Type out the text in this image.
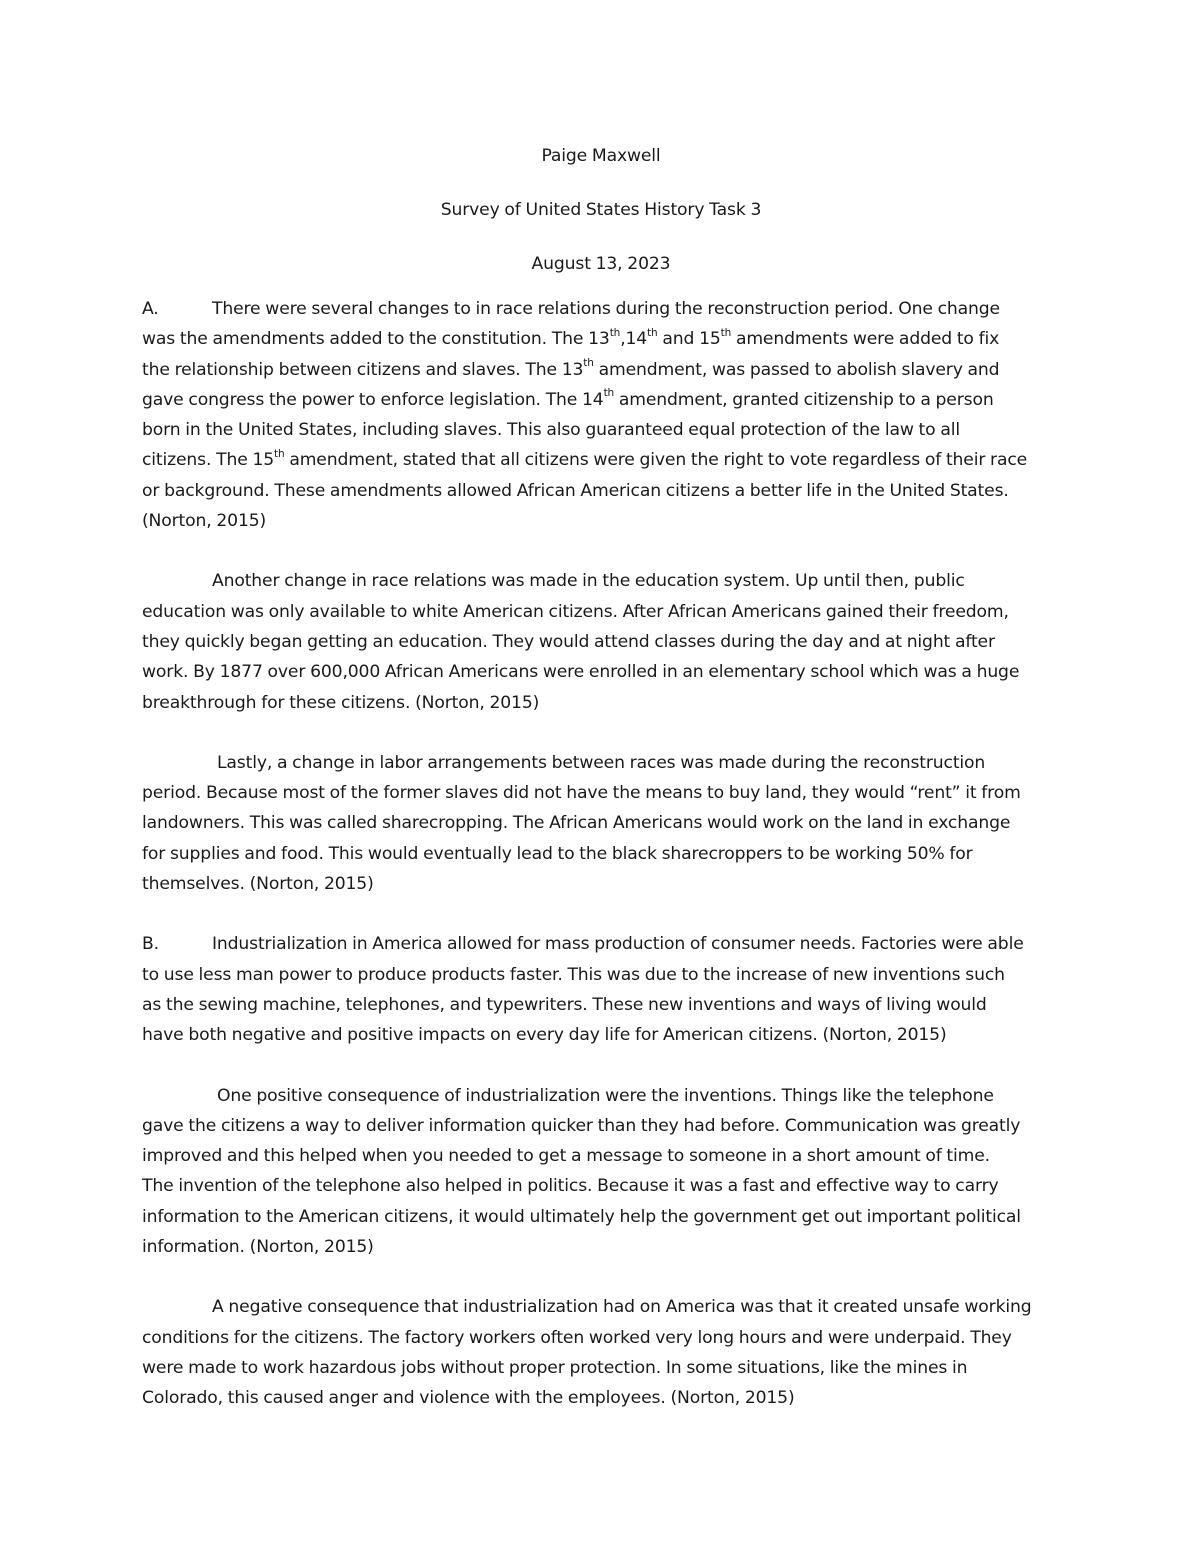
Paige Maxwell
Survey of United States History Task 3
August 13, 2023
A.	There were several changes to in race relations during the reconstruction period. One change
was the amendments added to the constitution. The 13th,14th and 15th amendments were added to fix
the relationship between citizens and slaves. The 13th amendment, was passed to abolish slavery and
gave congress the power to enforce legislation. The 14th amendment, granted citizenship to a person
born in the United States, including slaves. This also guaranteed equal protection of the law to all
citizens. The 15th amendment, stated that all citizens were given the right to vote regardless of their race
or background. These amendments allowed African American citizens a better life in the United States.
(Norton, 2015)
Another change in race relations was made in the education system. Up until then, public
education was only available to white American citizens. After African Americans gained their freedom,
they quickly began getting an education. They would attend classes during the day and at night after
work. By 1877 over 600,000 African Americans were enrolled in an elementary school which was a huge
breakthrough for these citizens. (Norton, 2015)
Lastly, a change in labor arrangements between races was made during the reconstruction
period. Because most of the former slaves did not have the means to buy land, they would “rent” it from
landowners. This was called sharecropping. The African Americans would work on the land in exchange
for supplies and food. This would eventually lead to the black sharecroppers to be working 50% for
themselves. (Norton, 2015)
B.	Industrialization in America allowed for mass production of consumer needs. Factories were able
to use less man power to produce products faster. This was due to the increase of new inventions such
as the sewing machine, telephones, and typewriters. These new inventions and ways of living would
have both negative and positive impacts on every day life for American citizens. (Norton, 2015)
One positive consequence of industrialization were the inventions. Things like the telephone
gave the citizens a way to deliver information quicker than they had before. Communication was greatly
improved and this helped when you needed to get a message to someone in a short amount of time.
The invention of the telephone also helped in politics. Because it was a fast and effective way to carry
information to the American citizens, it would ultimately help the government get out important political
information. (Norton, 2015)
A negative consequence that industrialization had on America was that it created unsafe working
conditions for the citizens. The factory workers often worked very long hours and were underpaid. They
were made to work hazardous jobs without proper protection. In some situations, like the mines in
Colorado, this caused anger and violence with the employees. (Norton, 2015)
